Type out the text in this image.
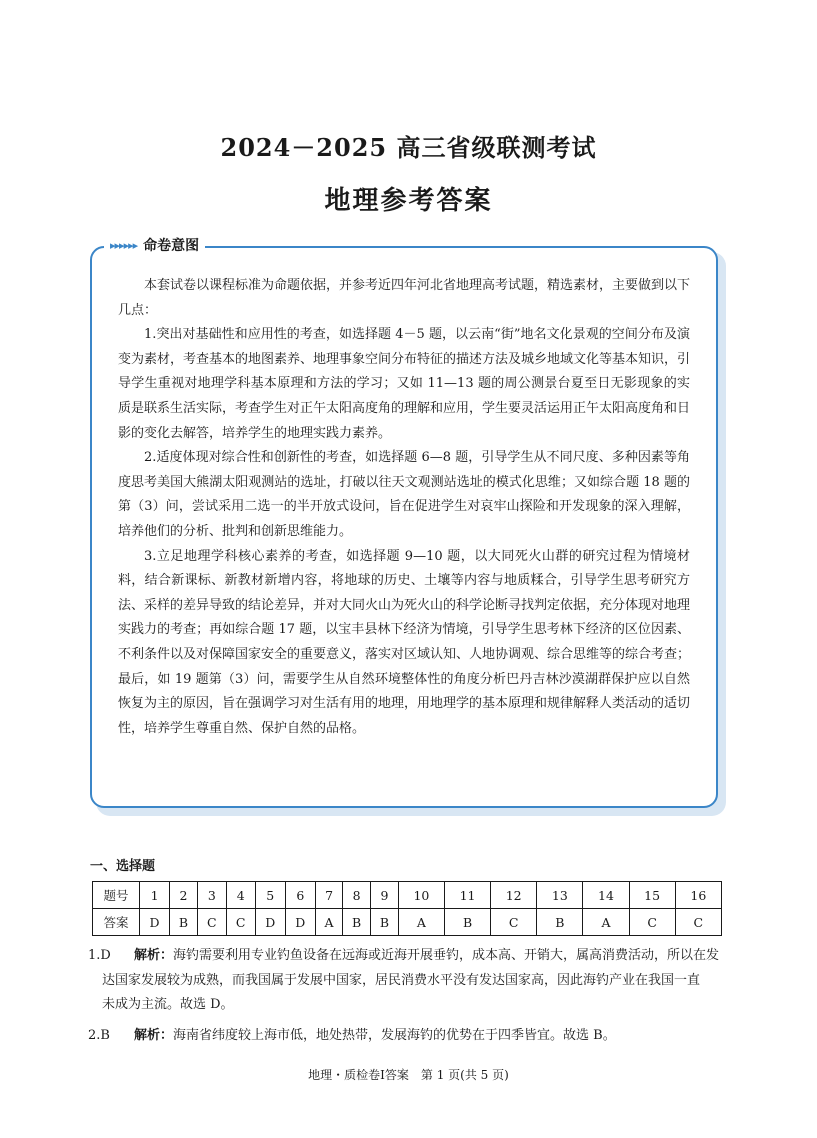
2024－2025 高三省级联测考试
地理参考答案
▸▸▸▸▸▸ 命卷意图

本套试卷以课程标准为命题依据，并参考近四年河北省地理高考试题，精选素材，主要做到以下几点：

1.突出对基础性和应用性的考查，如选择题 4－5 题，以云南“街”地名文化景观的空间分布及演变为素材，考查基本的地图素养、地理事象空间分布特征的描述方法及城乡地域文化等基本知识，引导学生重视对地理学科基本原理和方法的学习；又如 11—13 题的周公测景台夏至日无影现象的实质是联系生活实际，考查学生对正午太阳高度角的理解和应用，学生要灵活运用正午太阳高度角和日影的变化去解答，培养学生的地理实践力素养。

2.适度体现对综合性和创新性的考查，如选择题 6—8 题，引导学生从不同尺度、多种因素等角度思考美国大熊湖太阳观测站的选址，打破以往天文观测站选址的模式化思维；又如综合题 18 题的第（3）问，尝试采用二选一的半开放式设问，旨在促进学生对哀牢山探险和开发现象的深入理解，培养他们的分析、批判和创新思维能力。

3.立足地理学科核心素养的考查，如选择题 9—10 题，以大同死火山群的研究过程为情境材料，结合新课标、新教材新增内容，将地球的历史、土壤等内容与地质糅合，引导学生思考研究方法、采样的差异导致的结论差异，并对大同火山为死火山的科学论断寻找判定依据，充分体现对地理实践力的考查；再如综合题 17 题，以宝丰县林下经济为情境，引导学生思考林下经济的区位因素、不利条件以及对保障国家安全的重要意义，落实对区域认知、人地协调观、综合思维等的综合考查；最后，如 19 题第（3）问，需要学生从自然环境整体性的角度分析巴丹吉林沙漠湖群保护应以自然恢复为主的原因，旨在强调学习对生活有用的地理，用地理学的基本原理和规律解释人类活动的适切性，培养学生尊重自然、保护自然的品格。

一、选择题
题号	1	2	3	4	5	6	7	8	9	10	11	12	13	14	15	16
答案	D	B	C	C	D	D	A	B	B	A	B	C	B	A	C	C
1.D 解析：海钓需要利用专业钓鱼设备在远海或近海开展垂钓，成本高、开销大，属高消费活动，所以在发
达国家发展较为成熟，而我国属于发展中国家，居民消费水平没有发达国家高，因此海钓产业在我国一直
未成为主流。故选 D。
2.B 解析：海南省纬度较上海市低，地处热带，发展海钓的优势在于四季皆宜。故选 B。
地理・质检卷Ⅰ答案　第 1 页(共 5 页)
